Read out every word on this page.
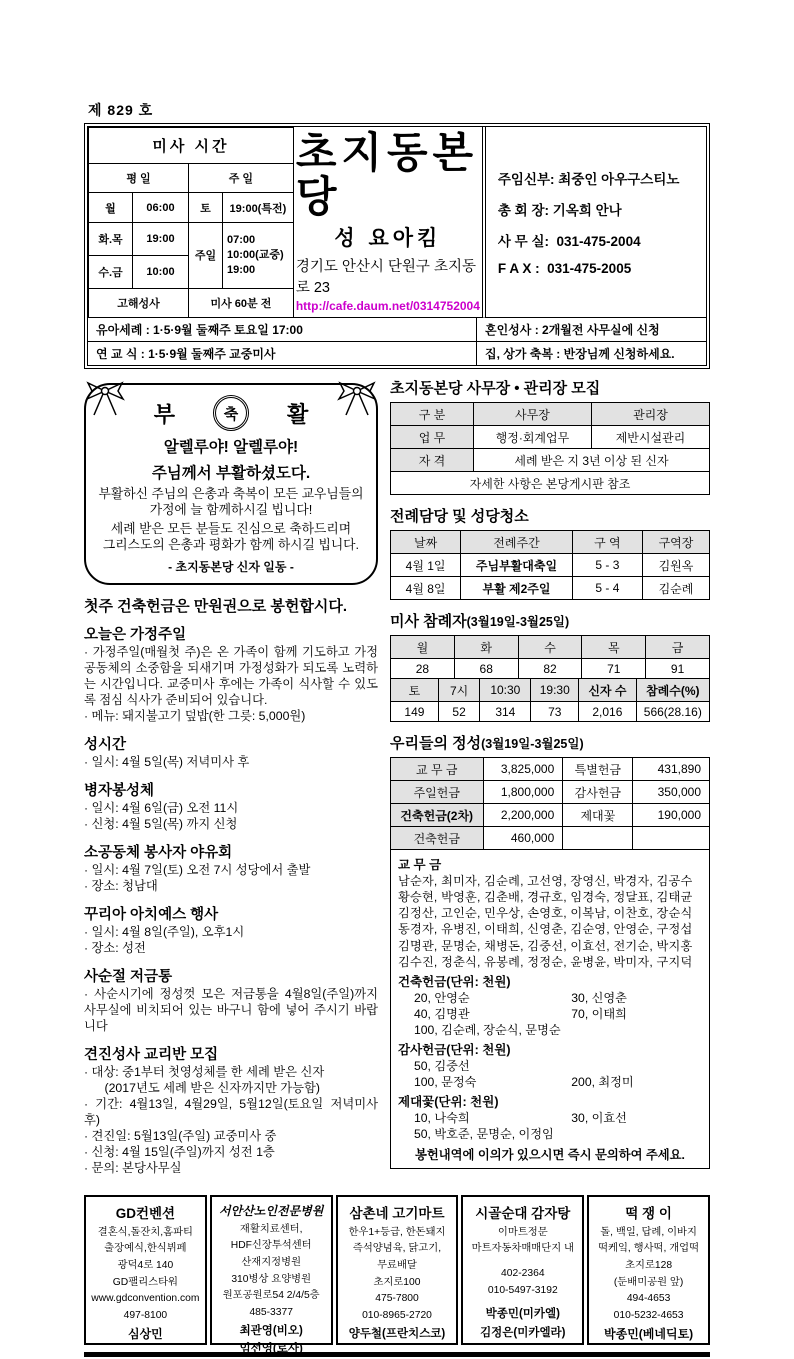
제 829 호
미사 시간			
평 일		주 일	
월	06:00	토	19:00(특전)
화.목	19:00	주일	07:00
10:00(교중)
19:00

수.금	10:00		
고해성사		미사 60분 전	
초지동본당
성 요아킴
경기도 안산시 단원구 초지동로 23
http://cafe.daum.net/0314752004
주임신부: 최중인 아우구스티노
총 회 장: 기옥희 안나
사 무 실:  031-475-2004
F A X :  031-475-2005
유아세례 : 1·5·9월 둘째주 토요일 17:00	혼인성사 : 2개월전 사무실에 신청
연 교 식 : 1·5·9월 둘째주 교중미사	집, 상가 축복 : 반장님께 신청하세요.
부	축	활
알렐루야! 알렐루야!
주님께서 부활하셨도다.
부활하신 주님의 은총과 축복이 모든 교우님들의
가정에 늘 함께하시길 빕니다!
세례 받은 모든 분들도 진심으로 축하드리며
그리스도의 은총과 평화가 함께 하시길 빕니다.
- 초지동본당 신자 일동 -
첫주 건축헌금은 만원권으로 봉헌합시다.
오늘은 가정주일
· 가정주일(매월첫 주)은 온 가족이 함께 기도하고 가정공동체의 소중함을 되새기며 가정성화가 되도록 노력하는 시간입니다. 교중미사 후에는 가족이 식사할 수 있도록 점심 식사가 준비되어 있습니다.
· 메뉴: 돼지불고기 덮밥(한 그릇: 5,000원)
성시간
· 일시: 4월 5일(목) 저녁미사 후
병자봉성체
· 일시: 4월 6일(금) 오전 11시
· 신청: 4월 5일(목) 까지 신청
소공동체 봉사자 야유회
· 일시: 4월 7일(토) 오전 7시 성당에서 출발
· 장소: 청남대
꾸리아 아치예스 행사
· 일시: 4월 8일(주일), 오후1시
· 장소: 성전
사순절 저금통
· 사순시기에 정성껏 모은 저금통을 4월8일(주일)까지 사무실에 비치되어 있는 바구니 함에 넣어 주시기 바랍니다
견진성사 교리반 모집
· 대상: 중1부터 첫영성체를 한 세례 받은 신자
(2017년도 세례 받은 신자까지만 가능함)
· 기간: 4월13일, 4월29일, 5월12일(토요일 저녁미사 후)
· 견진일: 5월13일(주일) 교중미사 중
· 신청: 4월 15일(주일)까지 성전 1층
· 문의: 본당사무실
초지동본당 사무장 • 관리장 모집
구 분	사무장	관리장
업 무	행정·회계업무	제반시설관리
자 격	세례 받은 지 3년 이상 된 신자	
자세한 사항은 본당게시판 참조		
전례담당 및 성당청소
날짜	전례주간	구 역	구역장
4월 1일	주님부활대축일	5 - 3	김원옥
4월 8일	부활 제2주일	5 - 4	김순례
미사 참례자(3월19일-3월25일)
월	화	수	목	금
28	68	82	71	91
토	7시	10:30	19:30	신자 수	참례수(%)
149	52	314	73	2,016	566(28.16)
우리들의 정성(3월19일-3월25일)
교 무 금	3,825,000	특별헌금	431,890
주일헌금	1,800,000	감사헌금	350,000
건축헌금(2차)	2,200,000	제대꽃	190,000
건축헌금	460,000		
교 무 금
남순자, 최미자, 김순례, 고선영, 장영신, 박경자, 김공수
황승현, 박영훈, 김춘배, 경규호, 임경숙, 정달표, 김태균
김정산, 고인순, 민우상, 손영호, 이복남, 이찬호, 장순식
동경자, 유병진, 이태희, 신영춘, 김순영, 안영순, 구정섭
김명관, 문명순, 채병돈, 김중선, 이효선, 전기순, 박지홍
김수진, 정춘식, 유봉례, 정정순, 윤병윤, 박미자, 구지덕
건축헌금(단위: 천원)
20, 안영순	30, 신영춘
40, 김명관	70, 이태희
100, 김순례, 장순식, 문명순
감사헌금(단위: 천원)
50, 김중선
100, 문정숙	200, 최정미
제대꽃(단위: 천원)
10, 나숙희	30, 이효선
50, 박호준, 문명순, 이정임
봉헌내역에 이의가 있으시면 즉시 문의하여 주세요.
GD컨벤션
결혼식,돌잔치,홈파티
출장예식,한식뷔페
광덕4로 140
GD팰리스타워
www.gdconvention.com
497-8100
심상민
서안산노인전문병원
재활치료센터,
HDF신장투석센터
산재지정병원
310병상 요양병원
원포공원로54 2/4/5층
485-3377
최관영(비오)
임선영(로사)
삼촌네 고기마트
한우1+등급, 한돈돼지
즉석양념육, 닭고기,
무료배달
초지로100
475-7800
010-8965-2720
양두철(프란치스코)
시골순대 감자탕
이마트정문
마트자동차매매단지 내
402-2364
010-5497-3192
박종민(미카엘)
김정은(미카엘라)
떡 쟁 이
돌, 백일, 답례, 이바지
떡케잌, 행사떡, 개업떡
초지로128
(둔배미공원 앞)
494-4653
010-5232-4653
박종민(베네딕토)
